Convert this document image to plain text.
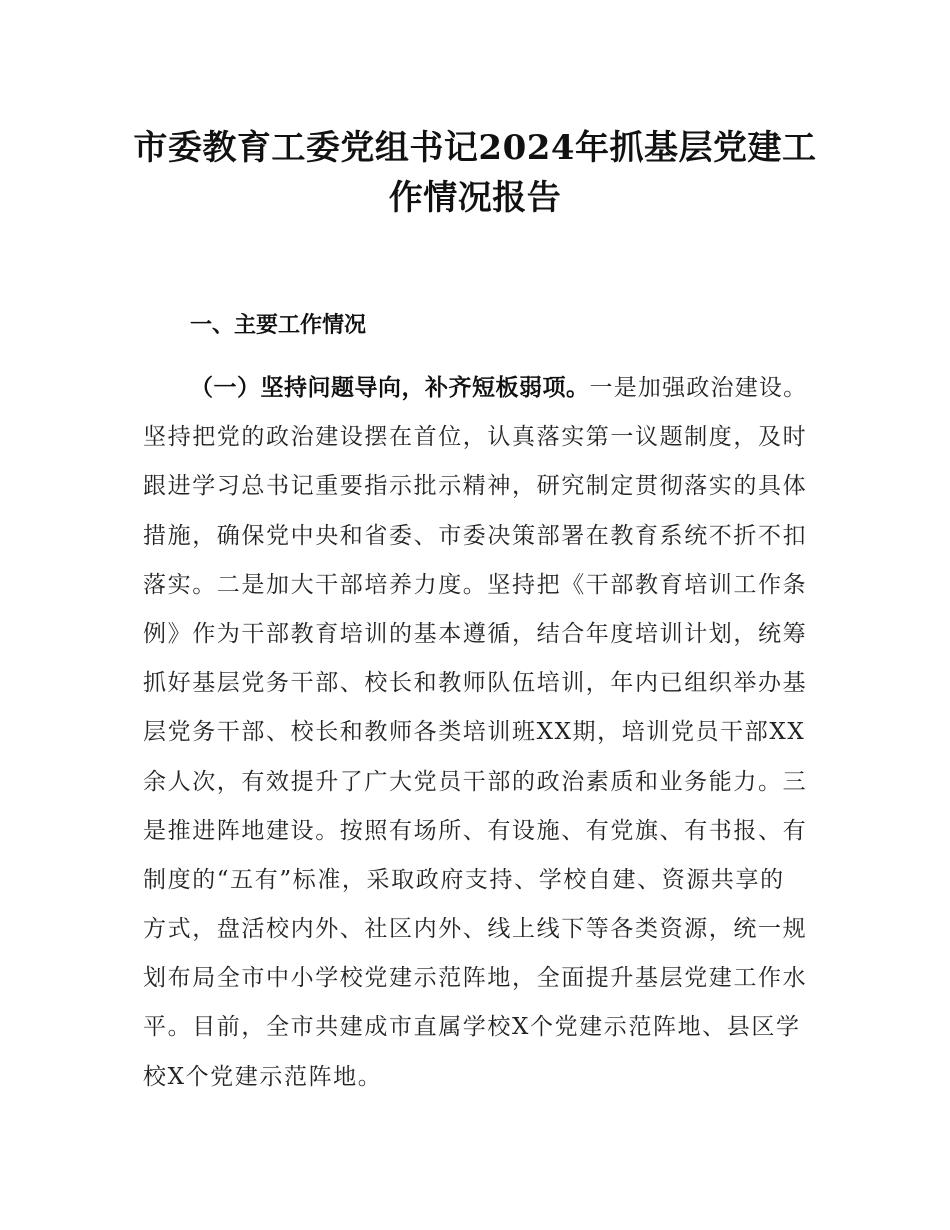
市委教育工委党组书记2024年抓基层党建工
作情况报告
一、主要工作情况
（一）坚持问题导向，补齐短板弱项。一是加强政治建设。
坚持把党的政治建设摆在首位，认真落实第一议题制度，及时
跟进学习总书记重要指示批示精神，研究制定贯彻落实的具体
措施，确保党中央和省委、市委决策部署在教育系统不折不扣
落实。二是加大干部培养力度。坚持把《干部教育培训工作条
例》作为干部教育培训的基本遵循，结合年度培训计划，统筹
抓好基层党务干部、校长和教师队伍培训，年内已组织举办基
层党务干部、校长和教师各类培训班XX期，培训党员干部XX
余人次，有效提升了广大党员干部的政治素质和业务能力。三
是推进阵地建设。按照有场所、有设施、有党旗、有书报、有
制度的“五有”标准，采取政府支持、学校自建、资源共享的
方式，盘活校内外、社区内外、线上线下等各类资源，统一规
划布局全市中小学校党建示范阵地，全面提升基层党建工作水
平。目前，全市共建成市直属学校X个党建示范阵地、县区学
校X个党建示范阵地。
